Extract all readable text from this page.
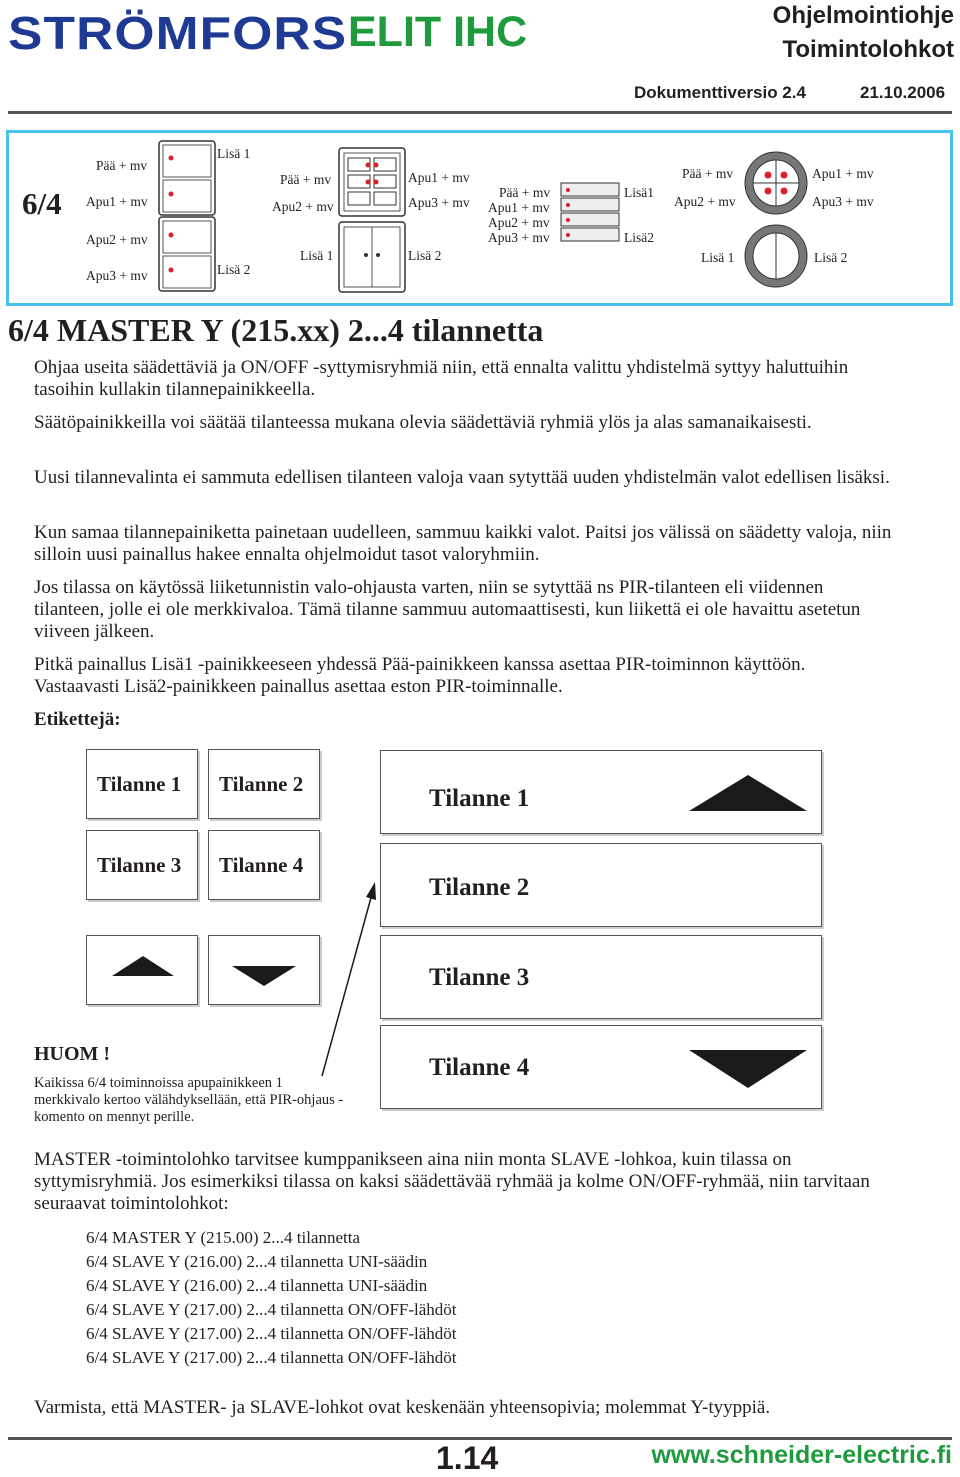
STRÖMFORS ELIT IHC	Ohjelmointiohje
Toimintolohkot
Dokumenttiversio 2.4	21.10.2006
6/4
Pää + mv
Apu1 + mv
Apu2 + mv
Apu3 + mv
Lisä 1
Lisä 2
Pää + mv
Apu2 + mv
Lisä 1
Apu1 + mv
Apu3 + mv
Lisä 2
Pää + mv
Apu1 + mv
Apu2 + mv
Apu3 + mv
Lisä1
Lisä2
Pää + mv
Apu2 + mv
Lisä 1
Apu1 + mv
Apu3 + mv
Lisä 2
6/4 MASTER Y (215.xx) 2...4 tilannetta

Ohjaa useita säädettäviä ja ON/OFF -syttymisryhmiä niin, että ennalta valittu yhdistelmä syttyy haluttuihin tasoihin kullakin tilannepainikkeella.

Säätöpainikkeilla voi säätää tilanteessa mukana olevia säädettäviä ryhmiä ylös ja alas samanaikaisesti.

Uusi tilannevalinta ei sammuta edellisen tilanteen valoja vaan sytyttää uuden yhdistelmän valot edellisen lisäksi.

Kun samaa tilannepainiketta painetaan uudelleen, sammuu kaikki valot. Paitsi jos välissä on säädetty valoja, niin silloin uusi painallus hakee ennalta ohjelmoidut tasot valoryhmiin.

Jos tilassa on käytössä liiketunnistin valo-ohjausta varten, niin se sytyttää ns PIR-tilanteen eli viidennen tilanteen, jolle ei ole merkkivaloa. Tämä tilanne sammuu automaattisesti, kun liikettä ei ole havaittu asetetun viiveen jälkeen.

Pitkä painallus Lisä1 -painikkeeseen yhdessä Pää-painikkeen kanssa asettaa PIR-toiminnon käyttöön. Vastaavasti Lisä2-painikkeen painallus asettaa eston PIR-toiminnalle.

Etikettejä:

Tilanne 1 Tilanne 2
Tilanne 3 Tilanne 4
Tilanne 1
Tilanne 2
Tilanne 3
Tilanne 4
HUOM !
Kaikissa 6/4 toiminnoissa apupainikkeen 1 merkkivalo kertoo välähdyksellään, että PIR-ohjaus -komento on mennyt perille.

MASTER -toimintolohko tarvitsee kumppanikseen aina niin monta SLAVE -lohkoa, kuin tilassa on syttymisryhmiä. Jos esimerkiksi tilassa on kaksi säädettävää ryhmää ja kolme ON/OFF-ryhmää, niin tarvitaan seuraavat toimintolohkot:

6/4 MASTER Y (215.00) 2...4 tilannetta
6/4 SLAVE Y (216.00) 2...4 tilannetta UNI-säädin
6/4 SLAVE Y (216.00) 2...4 tilannetta UNI-säädin
6/4 SLAVE Y (217.00) 2...4 tilannetta ON/OFF-lähdöt
6/4 SLAVE Y (217.00) 2...4 tilannetta ON/OFF-lähdöt
6/4 SLAVE Y (217.00) 2...4 tilannetta ON/OFF-lähdöt

Varmista, että MASTER- ja SLAVE-lohkot ovat keskenään yhteensopivia; molemmat Y-tyyppiä.

1.14	www.schneider-electric.fi
